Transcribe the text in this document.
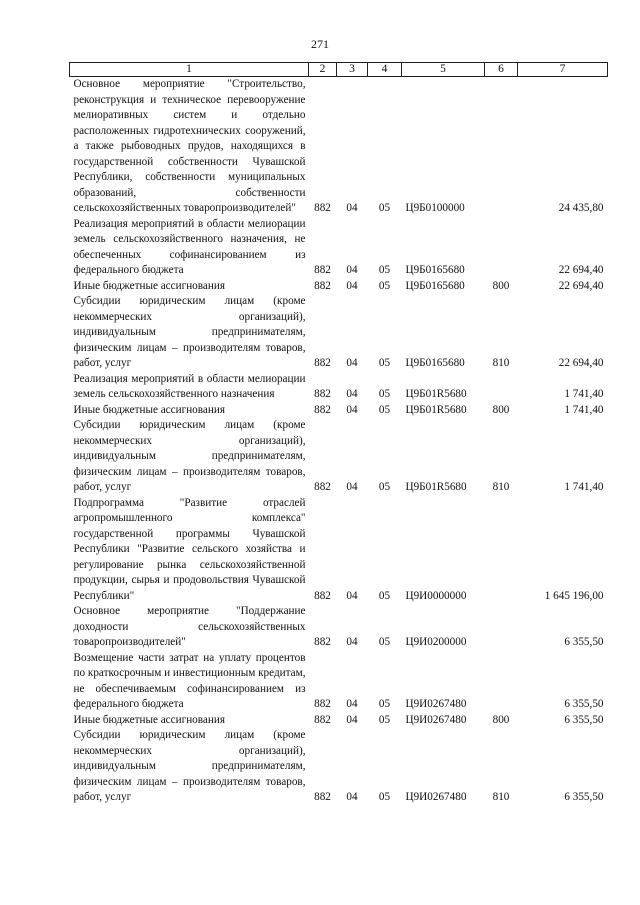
271
1	2	3	4	5	6	7
Основное мероприятие "Строительство, реконструкция и техническое перевооружение мелиоративных систем и отдельно расположенных гидротехнических сооружений, а также рыбоводных прудов, находящихся в государственной собственности Чувашской Республики, собственности муниципальных образований, собственности сельскохозяйственных товаропроизводителей"	882	04	05	Ц9Б0100000		24 435,80
Реализация мероприятий в области мелиорации земель сельскохозяйственного назначения, не обеспеченных софинансированием из федерального бюджета	882	04	05	Ц9Б0165680		22 694,40
Иные бюджетные ассигнования	882	04	05	Ц9Б0165680	800	22 694,40
Субсидии юридическим лицам (кроме некоммерческих организаций), индивидуальным предпринимателям, физическим лицам – производителям товаров, работ, услуг	882	04	05	Ц9Б0165680	810	22 694,40
Реализация мероприятий в области мелиорации земель сельскохозяйственного назначения	882	04	05	Ц9Б01R5680		1 741,40
Иные бюджетные ассигнования	882	04	05	Ц9Б01R5680	800	1 741,40
Субсидии юридическим лицам (кроме некоммерческих организаций), индивидуальным предпринимателям, физическим лицам – производителям товаров, работ, услуг	882	04	05	Ц9Б01R5680	810	1 741,40
Подпрограмма "Развитие отраслей агропромышленного комплекса" государственной программы Чувашской Республики "Развитие сельского хозяйства и регулирование рынка сельскохозяйственной продукции, сырья и продовольствия Чувашской Республики"	882	04	05	Ц9И0000000		1 645 196,00
Основное мероприятие "Поддержание доходности сельскохозяйственных товаропроизводителей"	882	04	05	Ц9И0200000		6 355,50
Возмещение части затрат на уплату процентов по краткосрочным и инвестиционным кредитам, не обеспечиваемым софинансированием из федерального бюджета	882	04	05	Ц9И0267480		6 355,50
Иные бюджетные ассигнования	882	04	05	Ц9И0267480	800	6 355,50
Субсидии юридическим лицам (кроме некоммерческих организаций), индивидуальным предпринимателям, физическим лицам – производителям товаров, работ, услуг	882	04	05	Ц9И0267480	810	6 355,50
